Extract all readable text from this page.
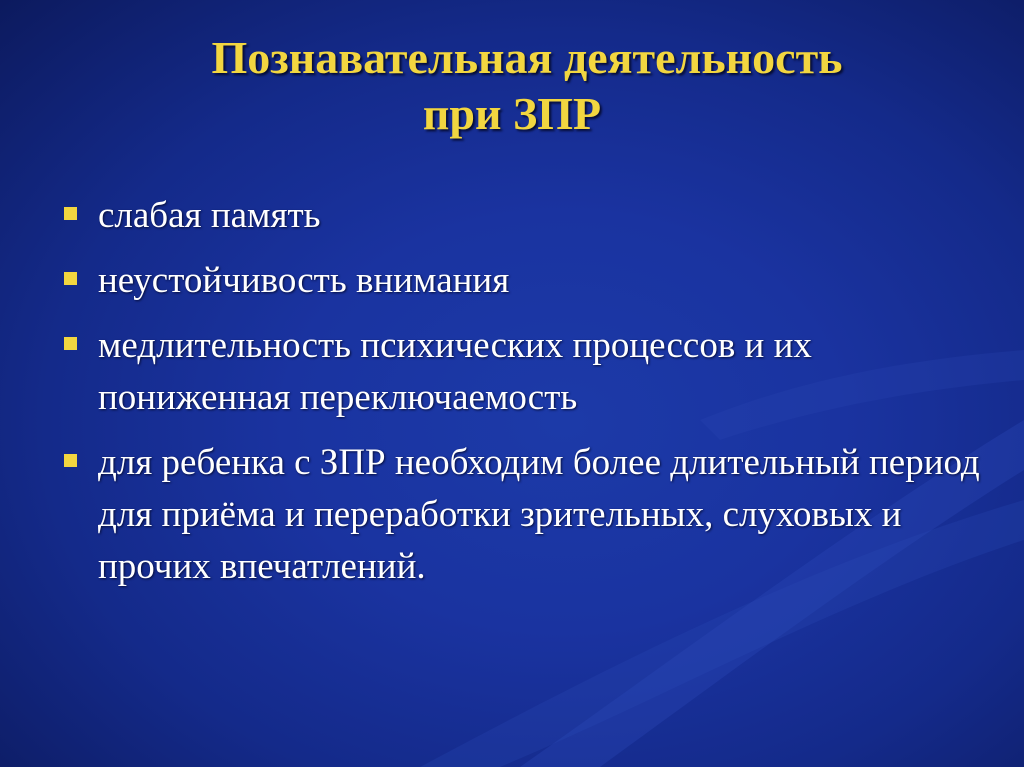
Познавательная деятельность
при ЗПР
слабая память
неустойчивость внимания
медлительность психических процессов и их пониженная переключаемость
для ребенка с ЗПР необходим более длительный период для приёма и переработки зрительных, слуховых и прочих впечатлений.
